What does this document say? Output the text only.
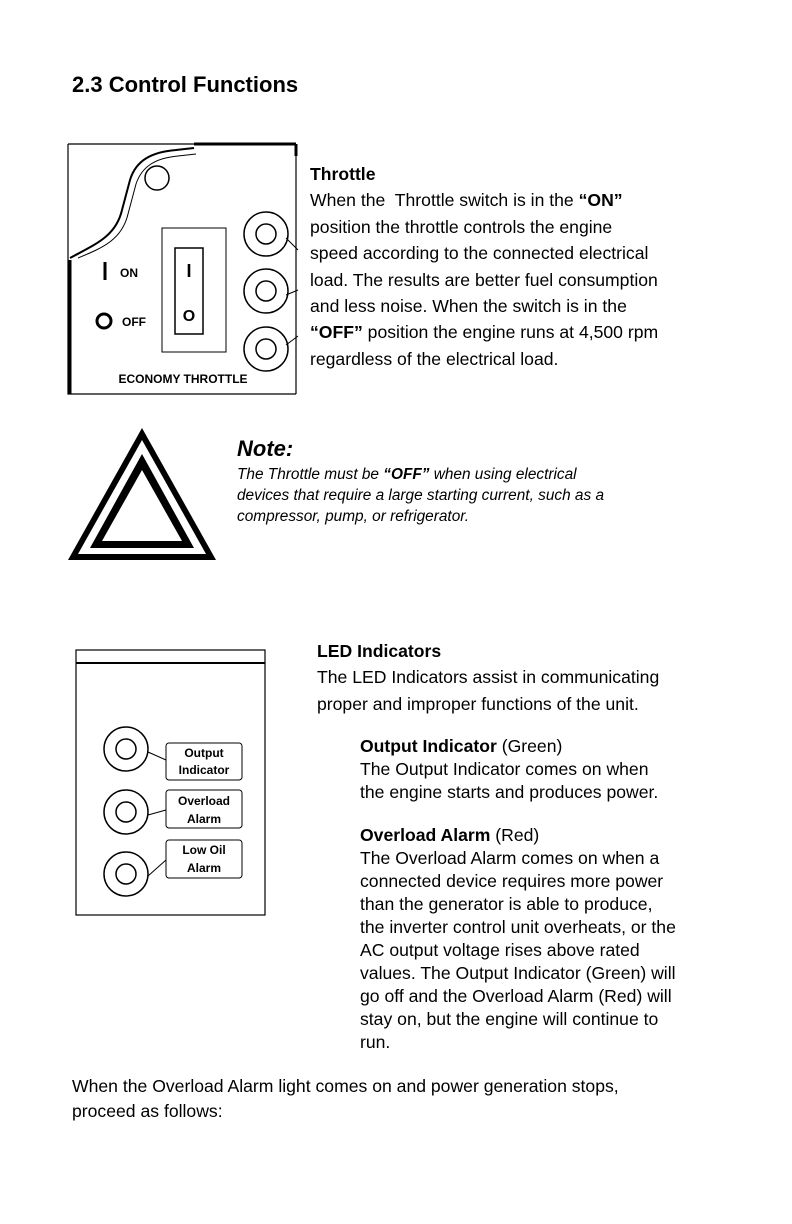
2.3 Control Functions
I
O
ON
OFF
ECONOMY THROTTLE
Throttle
When the  Throttle switch is in the “ON”
position the throttle controls the engine
speed according to the connected electrical
load. The results are better fuel consumption
and less noise. When the switch is in the
“OFF” position the engine runs at 4,500 rpm
regardless of the electrical load.
Note:
The Throttle must be “OFF” when using electrical
devices that require a large starting current, such as a
compressor, pump, or refrigerator.
Output
Indicator
Overload
Alarm
Low Oil
Alarm
LED Indicators
The LED Indicators assist in communicating
proper and improper functions of the unit.
Output Indicator (Green)
The Output Indicator comes on when
the engine starts and produces power.
Overload Alarm (Red)
The Overload Alarm comes on when a
connected device requires more power
than the generator is able to produce,
the inverter control unit overheats, or the
AC output voltage rises above rated
values. The Output Indicator (Green) will
go off and the Overload Alarm (Red) will
stay on, but the engine will continue to
run.
When the Overload Alarm light comes on and power generation stops,
proceed as follows:
